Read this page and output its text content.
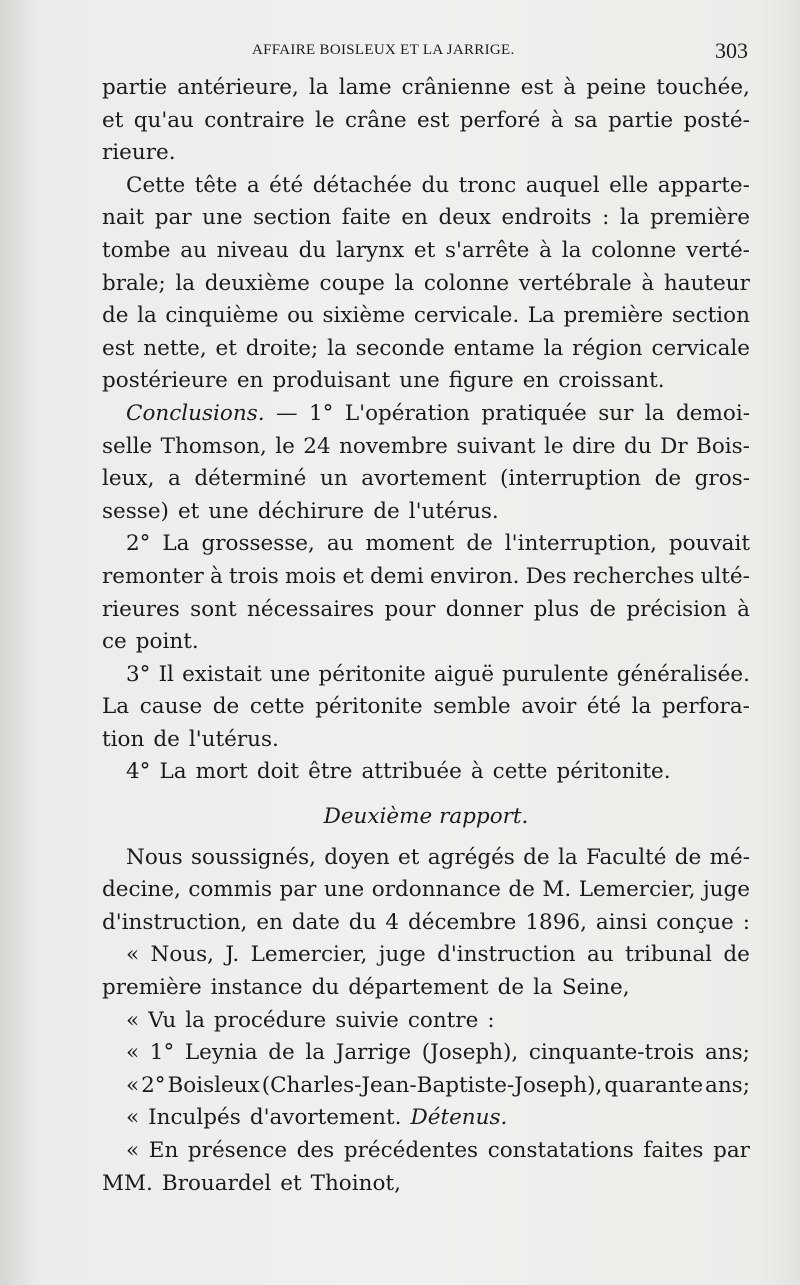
AFFAIRE BOISLEUX ET LA JARRIGE.	303
partie antérieure, la lame crânienne est à peine touchée,
et qu'au contraire le crâne est perforé à sa partie posté-
rieure.
Cette tête a été détachée du tronc auquel elle apparte-
nait par une section faite en deux endroits : la première
tombe au niveau du larynx et s'arrête à la colonne verté-
brale; la deuxième coupe la colonne vertébrale à hauteur
de la cinquième ou sixième cervicale. La première section
est nette, et droite; la seconde entame la région cervicale
postérieure en produisant une figure en croissant.
Conclusions. — 1° L'opération pratiquée sur la demoi-
selle Thomson, le 24 novembre suivant le dire du Dr Bois-
leux, a déterminé un avortement (interruption de gros-
sesse) et une déchirure de l'utérus.
2° La grossesse, au moment de l'interruption, pouvait
remonter à trois mois et demi environ. Des recherches ulté-
rieures sont nécessaires pour donner plus de précision à
ce point.
3° Il existait une péritonite aiguë purulente généralisée.
La cause de cette péritonite semble avoir été la perfora-
tion de l'utérus.
4° La mort doit être attribuée à cette péritonite.
Deuxième rapport.
Nous soussignés, doyen et agrégés de la Faculté de mé-
decine, commis par une ordonnance de M. Lemercier, juge
d'instruction, en date du 4 décembre 1896, ainsi conçue :
« Nous, J. Lemercier, juge d'instruction au tribunal de
première instance du département de la Seine,
« Vu la procédure suivie contre :
« 1° Leynia de la Jarrige (Joseph), cinquante-trois ans;
« 2° Boisleux (Charles-Jean-Baptiste-Joseph), quarante ans;
« Inculpés d'avortement. Détenus.
« En présence des précédentes constatations faites par
MM. Brouardel et Thoinot,
